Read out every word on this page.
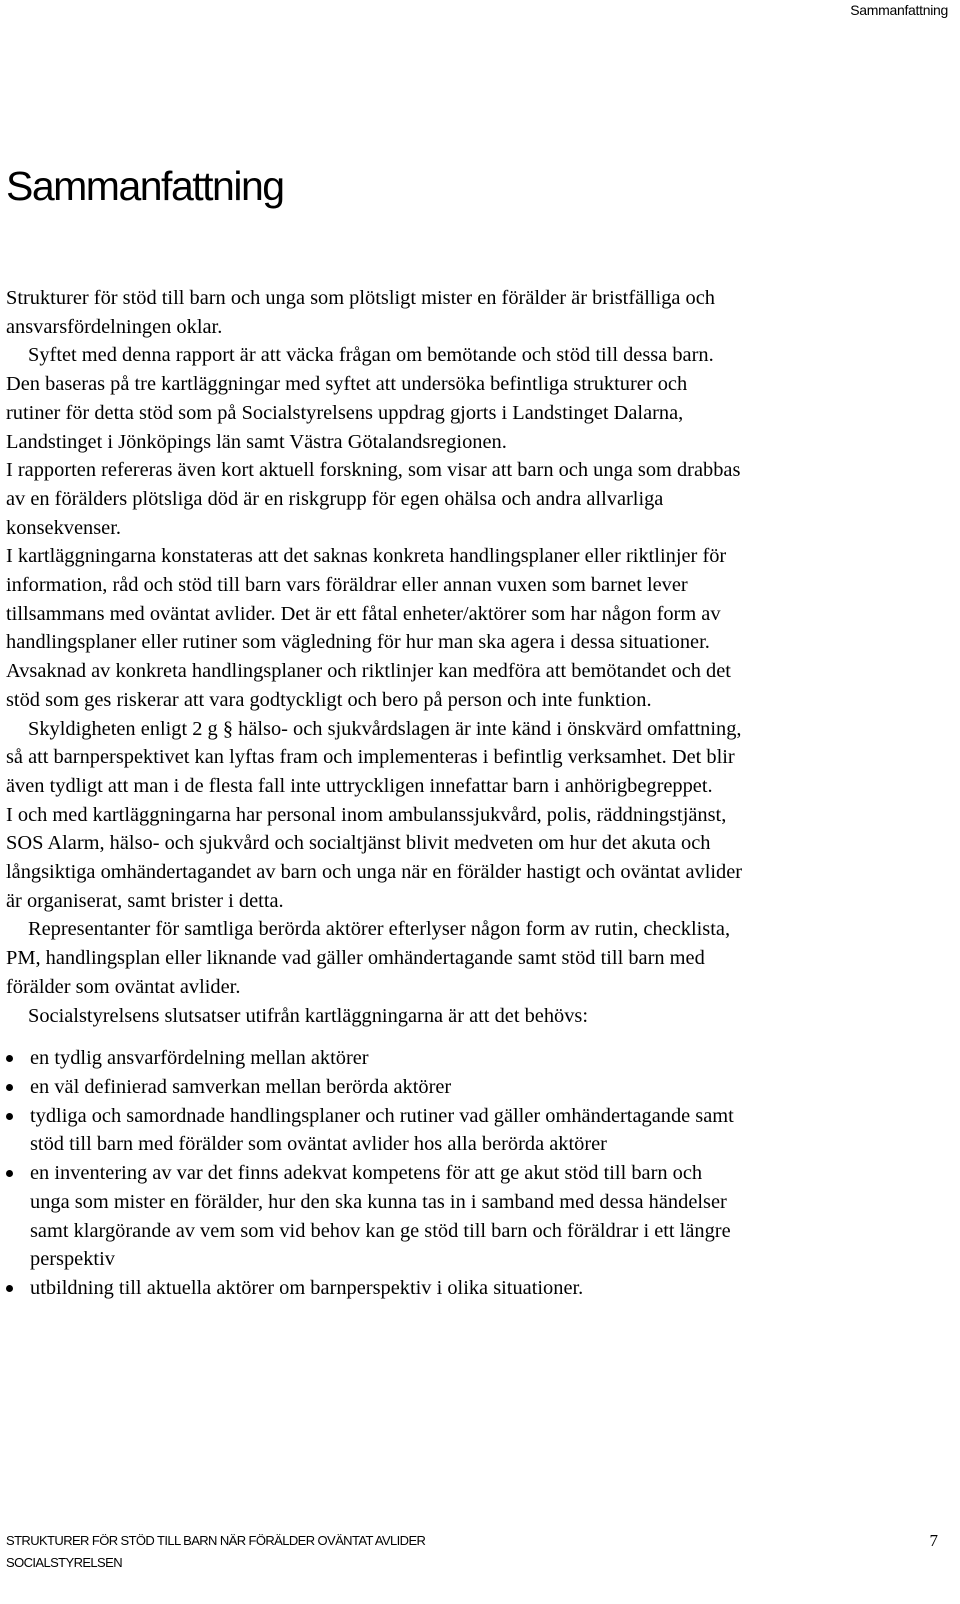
Sammanfattning
Sammanfattning

Strukturer för stöd till barn och unga som plötsligt mister en förälder är bristfälliga och ansvarsfördelningen oklar.

Syftet med denna rapport är att väcka frågan om bemötande och stöd till dessa barn. Den baseras på tre kartläggningar med syftet att undersöka befintliga strukturer och rutiner för detta stöd som på Socialstyrelsens uppdrag gjorts i Landstinget Dalarna, Landstinget i Jönköpings län samt Västra Götalandsregionen.

I rapporten refereras även kort aktuell forskning, som visar att barn och unga som drabbas av en förälders plötsliga död är en riskgrupp för egen ohälsa och andra allvarliga konsekvenser.

I kartläggningarna konstateras att det saknas konkreta handlingsplaner eller riktlinjer för information, råd och stöd till barn vars föräldrar eller annan vuxen som barnet lever tillsammans med oväntat avlider. Det är ett fåtal enheter/aktörer som har någon form av handlingsplaner eller rutiner som vägledning för hur man ska agera i dessa situationer. Avsaknad av konkreta handlingsplaner och riktlinjer kan medföra att bemötandet och det stöd som ges riskerar att vara godtyckligt och bero på person och inte funktion.

Skyldigheten enligt 2 g § hälso- och sjukvårdslagen är inte känd i önskvärd omfattning, så att barnperspektivet kan lyftas fram och implementeras i befintlig verksamhet. Det blir även tydligt att man i de flesta fall inte uttryckligen innefattar barn i anhörigbegreppet.

I och med kartläggningarna har personal inom ambulanssjukvård, polis, räddningstjänst, SOS Alarm, hälso- och sjukvård och socialtjänst blivit medveten om hur det akuta och långsiktiga omhändertagandet av barn och unga när en förälder hastigt och oväntat avlider är organiserat, samt brister i detta.

Representanter för samtliga berörda aktörer efterlyser någon form av rutin, checklista, PM, handlingsplan eller liknande vad gäller omhändertagande samt stöd till barn med förälder som oväntat avlider.

Socialstyrelsens slutsatser utifrån kartläggningarna är att det behövs:

en tydlig ansvarfördelning mellan aktörer
en väl definierad samverkan mellan berörda aktörer
tydliga och samordnade handlingsplaner och rutiner vad gäller omhändertagande samt stöd till barn med förälder som oväntat avlider hos alla berörda aktörer
en inventering av var det finns adekvat kompetens för att ge akut stöd till barn och unga som mister en förälder, hur den ska kunna tas in i samband med dessa händelser samt klargörande av vem som vid behov kan ge stöd till barn och föräldrar i ett längre perspektiv
utbildning till aktuella aktörer om barnperspektiv i olika situationer.
STRUKTURER FÖR STÖD TILL BARN NÄR FÖRÄLDER OVÄNTAT AVLIDER
SOCIALSTYRELSEN
7
